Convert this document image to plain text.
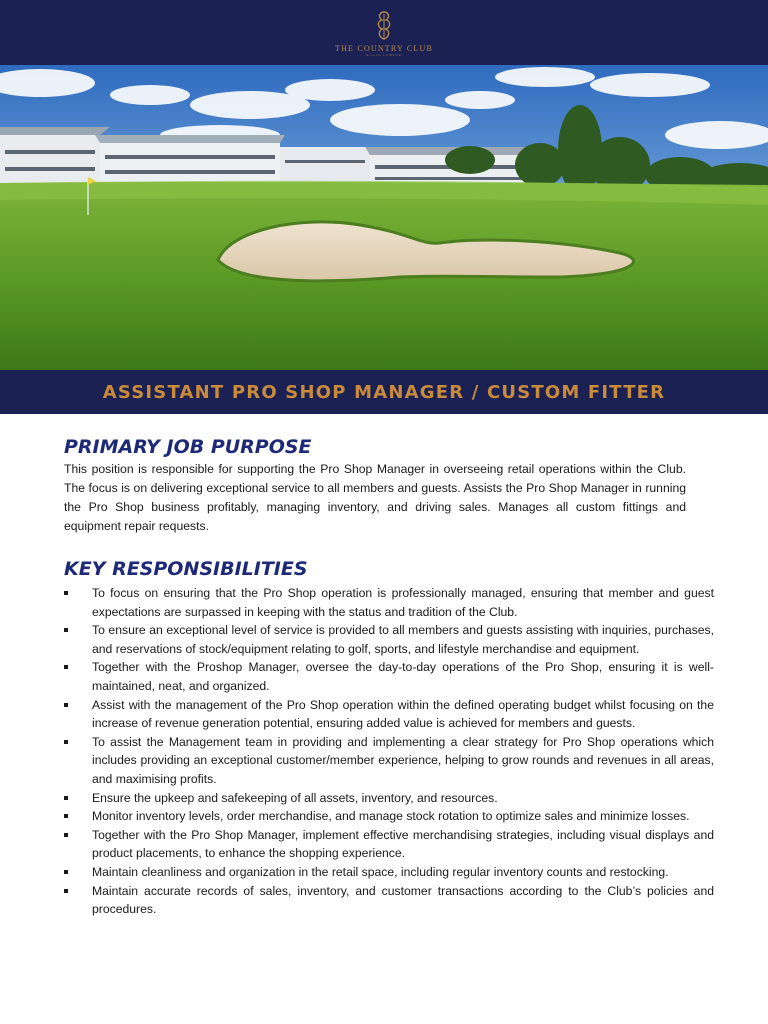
THE COUNTRY CLUB
KUALA LUMPUR
ASSISTANT PRO SHOP MANAGER / CUSTOM FITTER
PRIMARY JOB PURPOSE

This position is responsible for supporting the Pro Shop Manager in overseeing retail operations within the Club. The focus is on delivering exceptional service to all members and guests. Assists the Pro Shop Manager in running the Pro Shop business profitably, managing inventory, and driving sales. Manages all custom fittings and equipment repair requests.

KEY RESPONSIBILITIES
To focus on ensuring that the Pro Shop operation is professionally managed, ensuring that member and guest expectations are surpassed in keeping with the status and tradition of the Club.
To ensure an exceptional level of service is provided to all members and guests assisting with inquiries, purchases, and reservations of stock/equipment relating to golf, sports, and lifestyle merchandise and equipment.
Together with the Proshop Manager, oversee the day-to-day operations of the Pro Shop, ensuring it is well-maintained, neat, and organized.
Assist with the management of the Pro Shop operation within the defined operating budget whilst focusing on the increase of revenue generation potential, ensuring added value is achieved for members and guests.
To assist the Management team in providing and implementing a clear strategy for Pro Shop operations which includes providing an exceptional customer/member experience, helping to grow rounds and revenues in all areas, and maximising profits.
Ensure the upkeep and safekeeping of all assets, inventory, and resources.
Monitor inventory levels, order merchandise, and manage stock rotation to optimize sales and minimize losses.
Together with the Pro Shop Manager, implement effective merchandising strategies, including visual displays and product placements, to enhance the shopping experience.
Maintain cleanliness and organization in the retail space, including regular inventory counts and restocking.
Maintain accurate records of sales, inventory, and customer transactions according to the Club’s policies and procedures.
